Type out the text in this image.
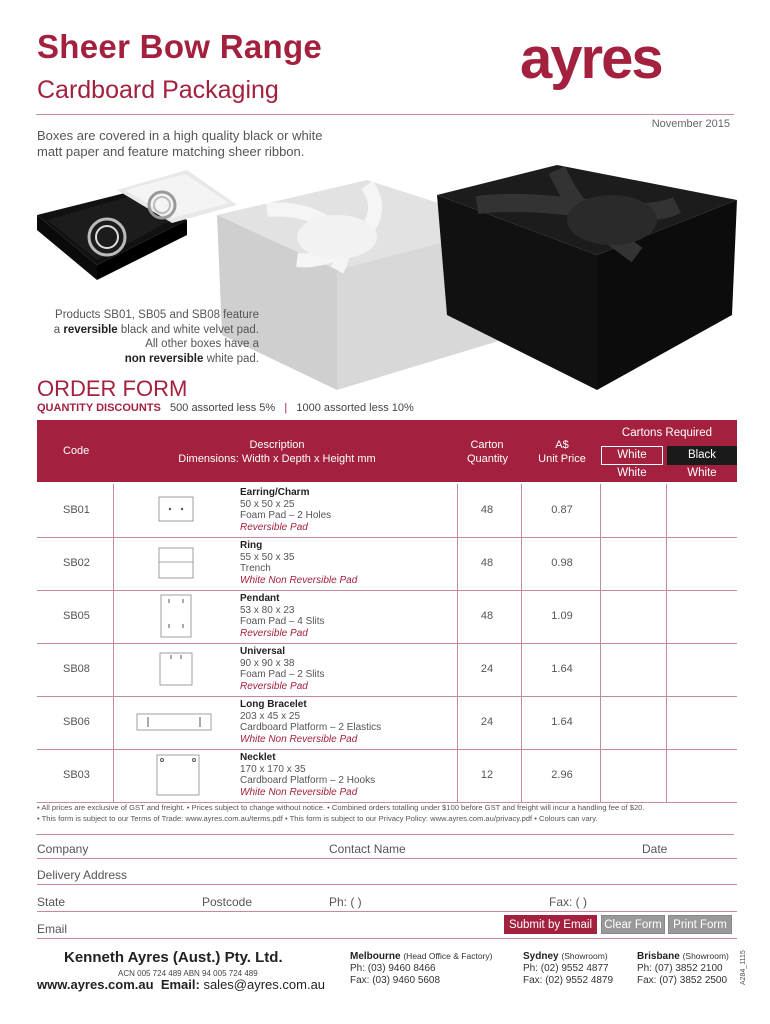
Sheer Bow Range
Cardboard Packaging	ayres
November 2015
Boxes are covered in a high quality black or white
matt paper and feature matching sheer ribbon.
Products SB01, SB05 and SB08 feature
a reversible black and white velvet pad.
All other boxes have a
non reversible white pad.
ORDER FORM
QUANTITY DISCOUNTS 500 assorted less 5% | 1000 assorted less 10%
Code	Description
Dimensions: Width x Depth x Height mm
Carton
Quantity
A$
Unit Price
Cartons Required
White	Black
White	White
SB01
Earring/Charm
50 x 50 x 25
Foam Pad – 2 Holes
Reversible Pad
48	0.87
SB02
Ring
55 x 50 x 35
Trench
White Non Reversible Pad
48	0.98
SB05
Pendant
53 x 80 x 23
Foam Pad – 4 Slits
Reversible Pad
48	1.09
SB08
Universal
90 x 90 x 38
Foam Pad – 2 Slits
Reversible Pad
24	1.64
SB06
Long Bracelet
203 x 45 x 25
Cardboard Platform – 2 Elastics
White Non Reversible Pad
24	1.64
SB03
Necklet
170 x 170 x 35
Cardboard Platform – 2 Hooks
White Non Reversible Pad
12	2.96
• All prices are exclusive of GST and freight. • Prices subject to change without notice. • Combined orders totalling under $100 before GST and freight will incur a handling fee of $20.
• This form is subject to our Terms of Trade: www.ayres.com.au/terms.pdf • This form is subject to our Privacy Policy: www.ayres.com.au/privacy.pdf • Colours can vary.
Company	Contact Name	Date
Delivery Address
State	Postcode	Ph: ( )	Fax: ( )
Email	Submit by Email	Clear Form Print Form
Kenneth Ayres (Aust.) Pty. Ltd.
ACN 005 724 489 ABN 94 005 724 489
www.ayres.com.au Email: sales@ayres.com.au
Melbourne (Head Office & Factory)
Ph: (03) 9460 8466
Fax: (03) 9460 5608
Sydney (Showroom)
Ph: (02) 9552 4877
Fax: (02) 9552 4879
Brisbane (Showroom)
Ph: (07) 3852 2100
Fax: (07) 3852 2500 A284_1115
